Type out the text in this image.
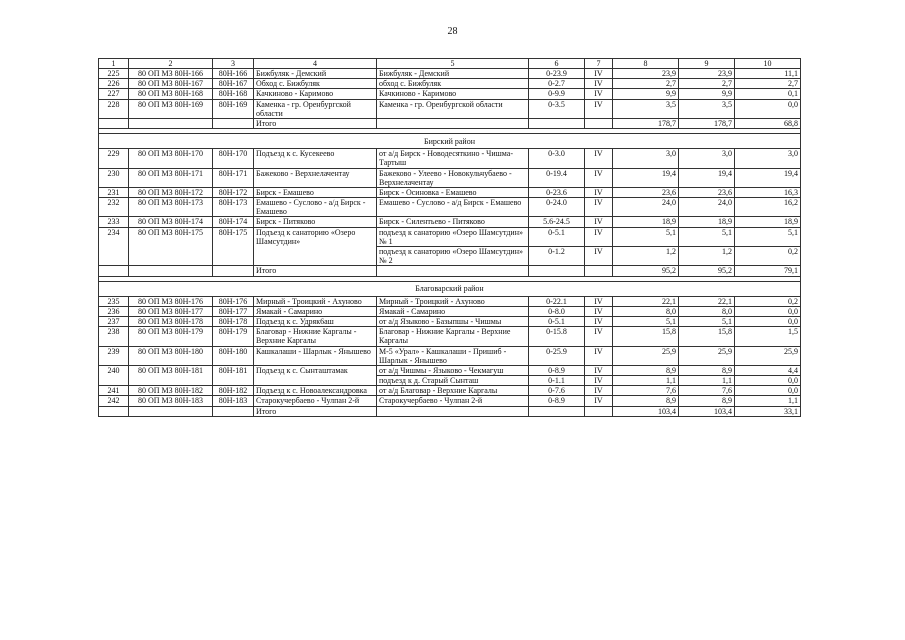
28
1	2	3	4	5	6	7	8	9	10
225	80 ОП МЗ 80Н-166	80Н-166	Бижбуляк - Демский	Бижбуляк - Демский	0-23.9	IV	23,9	23,9	11,1
226	80 ОП МЗ 80Н-167	80Н-167	Обход с. Бижбуляк	обход с. Бижбуляк	0-2.7	IV	2,7	2,7	2,7
227	80 ОП МЗ 80Н-168	80Н-168	Качкиново - Каримово	Качкиново - Каримово	0-9.9	IV	9,9	9,9	0,1
228	80 ОП МЗ 80Н-169	80Н-169	Каменка - гр. Оренбургской области	Каменка - гр. Оренбургской области	0-3.5	IV	3,5	3,5	0,0
			Итого				178,7	178,7	68,8

Бирский район									
229	80 ОП МЗ 80Н-170	80Н-170	Подъезд к с. Кусекеево	от а/д Бирск - Новодесяткино - Чишма-Тартыш	0-3.0	IV	3,0	3,0	3,0
230	80 ОП МЗ 80Н-171	80Н-171	Бажеково - Верхнелачентау	Бажеково - Улеево - Новокульчубаево - Верхнелачентау	0-19.4	IV	19,4	19,4	19,4
231	80 ОП МЗ 80Н-172	80Н-172	Бирск - Емашево	Бирск - Осиновка - Емашево	0-23.6	IV	23,6	23,6	16,3
232	80 ОП МЗ 80Н-173	80Н-173	Емашево - Суслово - а/д Бирск - Емашево	Емашево - Суслово - а/д Бирск - Емашево	0-24.0	IV	24,0	24,0	16,2
233	80 ОП МЗ 80Н-174	80Н-174	Бирск - Питяково	Бирск - Силентьево - Питяково	5.6-24.5	IV	18,9	18,9	18,9
234	80 ОП МЗ 80Н-175	80Н-175	Подъезд к санаторию «Озеро Шамсутдин»	подъезд к санаторию «Озеро Шамсутдин» № 1	0-5.1	IV	5,1	5,1	5,1
				подъезд к санаторию «Озеро Шамсутдин» № 2	0-1.2	IV	1,2	1,2	0,2
			Итого				95,2	95,2	79,1

Благоварский район									
235	80 ОП МЗ 80Н-176	80Н-176	Мирный - Троицкий - Ахуново	Мирный - Троицкий - Ахуново	0-22.1	IV	22,1	22,1	0,2
236	80 ОП МЗ 80Н-177	80Н-177	Ямакай - Самарино	Ямакай - Самарино	0-8.0	IV	8,0	8,0	0,0
237	80 ОП МЗ 80Н-178	80Н-178	Подъезд к с. Удряк6аш	от а/д Языково - Базыпшы - Чишмы	0-5.1	IV	5,1	5,1	0,0
238	80 ОП МЗ 80Н-179	80Н-179	Благовар - Нижние Каргалы - Верхние Каргалы	Благовар - Нижние Каргалы - Верхние Каргалы	0-15.8	IV	15,8	15,8	1,5
239	80 ОП МЗ 80Н-180	80Н-180	Кашкалаши - Шарлык - Янышево	М-5 «Урал» - Кашкалаши - Пришиб - Шарлык - Янышево	0-25.9	IV	25,9	25,9	25,9
240	80 ОП МЗ 80Н-181	80Н-181	Подъезд к с. Сынташтамак	от а/д Чишмы - Языково - Чекмагуш	0-8.9	IV	8,9	8,9	4,4
				подъезд к д. Старый Сынташ	0-1.1	IV	1,1	1,1	0,0
241	80 ОП МЗ 80Н-182	80Н-182	Подъезд к с. Новоалександровка	от а/д Благовар - Верхние Каргалы	0-7.6	IV	7,6	7,6	0,0
242	80 ОП МЗ 80Н-183	80Н-183	Старокучербаево - Чулпан 2-й	Старокучербаево - Чулпан 2-й	0-8.9	IV	8,9	8,9	1,1
			Итого				103,4	103,4	33,1
